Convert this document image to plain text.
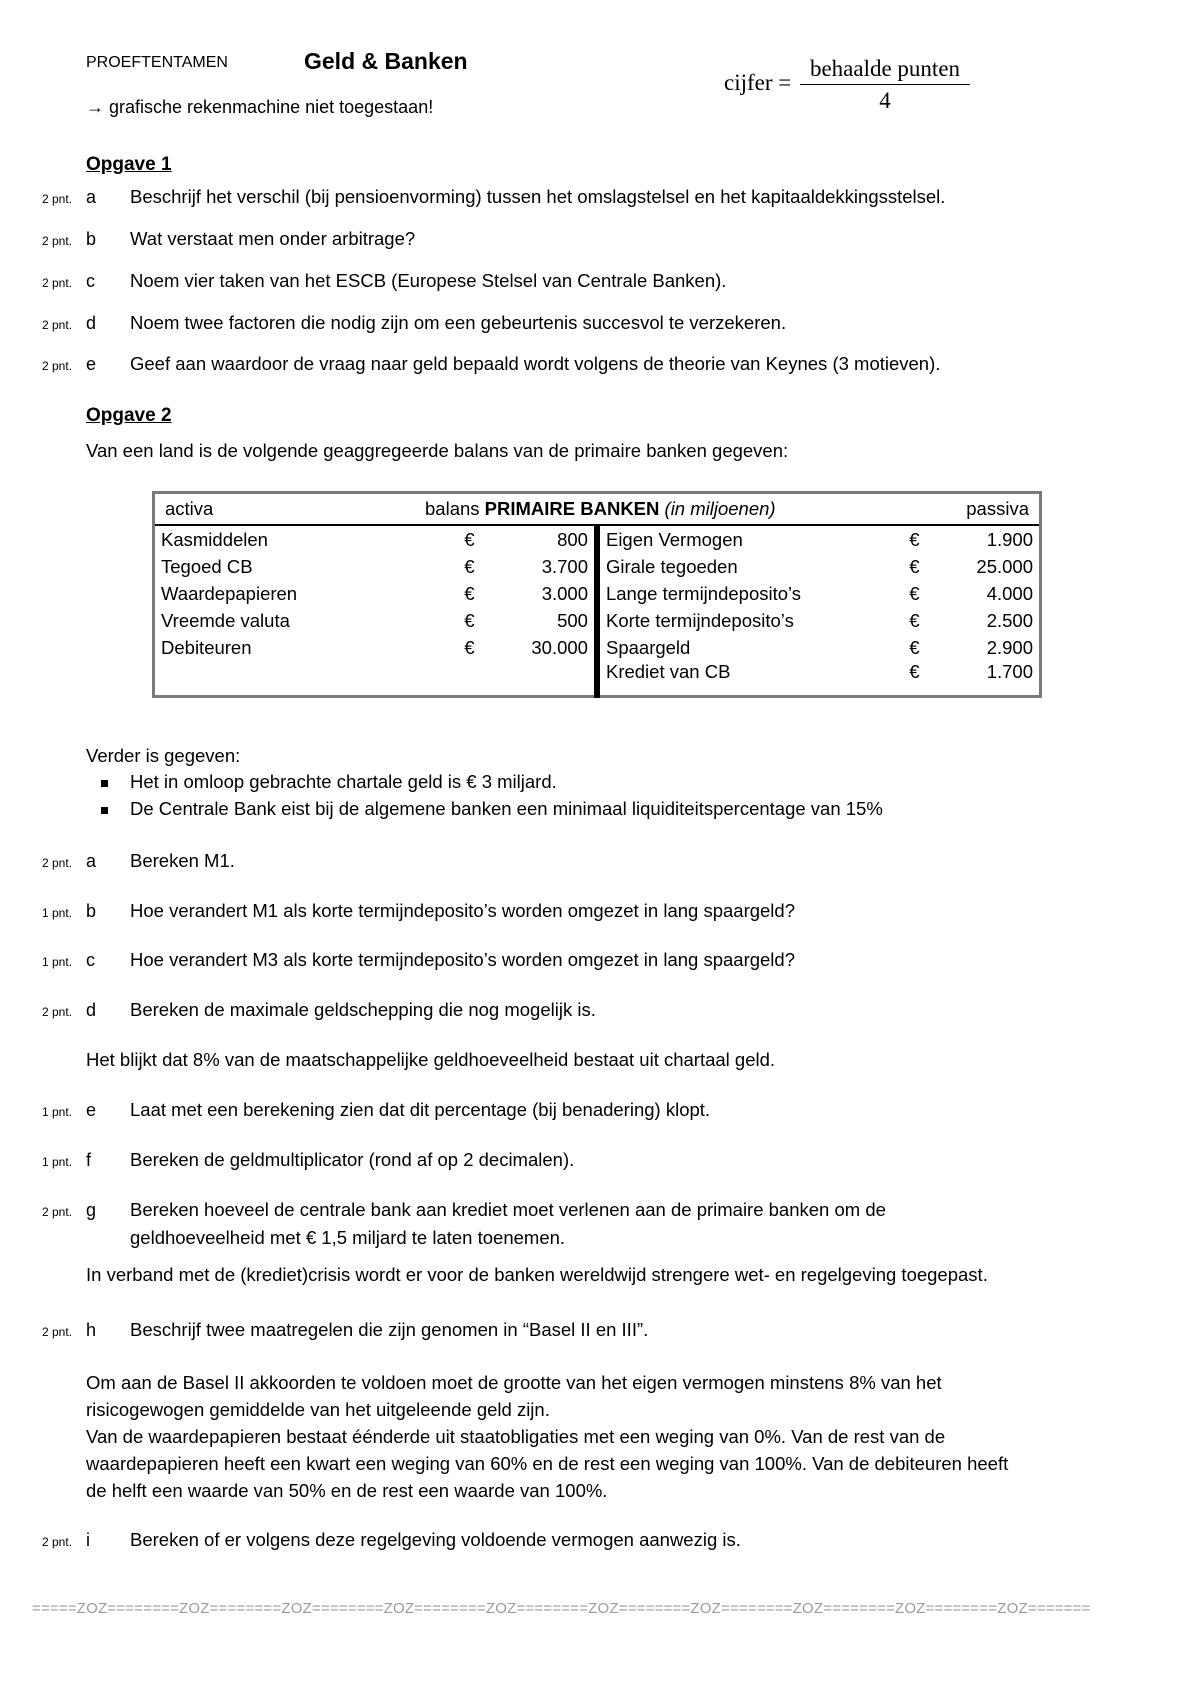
PROEFTENTAMEN	Geld & Banken
→ grafische rekenmachine niet toegestaan!
cijfer =
behaalde punten
4
Opgave 1
2 pnt. a Beschrijf het verschil (bij pensioenvorming) tussen het omslagstelsel en het kapitaaldekkingsstelsel.
2 pnt. b Wat verstaat men onder arbitrage?
2 pnt. c Noem vier taken van het ESCB (Europese Stelsel van Centrale Banken).
2 pnt. d Noem twee factoren die nodig zijn om een gebeurtenis succesvol te verzekeren.
2 pnt. e Geef aan waardoor de vraag naar geld bepaald wordt volgens de theorie van Keynes (3 motieven).
Opgave 2
Van een land is de volgende geaggregeerde balans van de primaire banken gegeven:
activa balans PRIMAIRE BANKEN (in miljoenen) passiva					

Kasmiddelen	€	800	Eigen Vermogen	€	1.900
Tegoed CB	€	3.700	Girale tegoeden	€	25.000
Waardepapieren	€	3.000	Lange termijndeposito’s	€	4.000
Vreemde valuta	€	500	Korte termijndeposito’s	€	2.500
Debiteuren	€	30.000	Spaargeld	€	2.900
			Krediet van CB	€	1.700
Verder is gegeven:
Het in omloop gebrachte chartale geld is € 3 miljard.
De Centrale Bank eist bij de algemene banken een minimaal liquiditeitspercentage van 15%
2 pnt. a Bereken M1.
1 pnt. b Hoe verandert M1 als korte termijndeposito’s worden omgezet in lang spaargeld?
1 pnt. c Hoe verandert M3 als korte termijndeposito’s worden omgezet in lang spaargeld?
2 pnt. d Bereken de maximale geldschepping die nog mogelijk is.
Het blijkt dat 8% van de maatschappelijke geldhoeveelheid bestaat uit chartaal geld.
1 pnt. e Laat met een berekening zien dat dit percentage (bij benadering) klopt.
1 pnt. f Bereken de geldmultiplicator (rond af op 2 decimalen).
2 pnt. g Bereken hoeveel de centrale bank aan krediet moet verlenen aan de primaire banken om de
geldhoeveelheid met € 1,5 miljard te laten toenemen.
In verband met de (krediet)crisis wordt er voor de banken wereldwijd strengere wet- en regelgeving toegepast.
2 pnt. h Beschrijf twee maatregelen die zijn genomen in “Basel II en III”.
Om aan de Basel II akkoorden te voldoen moet de grootte van het eigen vermogen minstens 8% van het
risicogewogen gemiddelde van het uitgeleende geld zijn.
Van de waardepapieren bestaat éénderde uit staatobligaties met een weging van 0%. Van de rest van de
waardepapieren heeft een kwart een weging van 60% en de rest een weging van 100%. Van de debiteuren heeft
de helft een waarde van 50% en de rest een waarde van 100%.
2 pnt. i Bereken of er volgens deze regelgeving voldoende vermogen aanwezig is.
=====ZOZ========ZOZ========ZOZ========ZOZ========ZOZ========ZOZ========ZOZ========ZOZ========ZOZ========ZOZ=======
